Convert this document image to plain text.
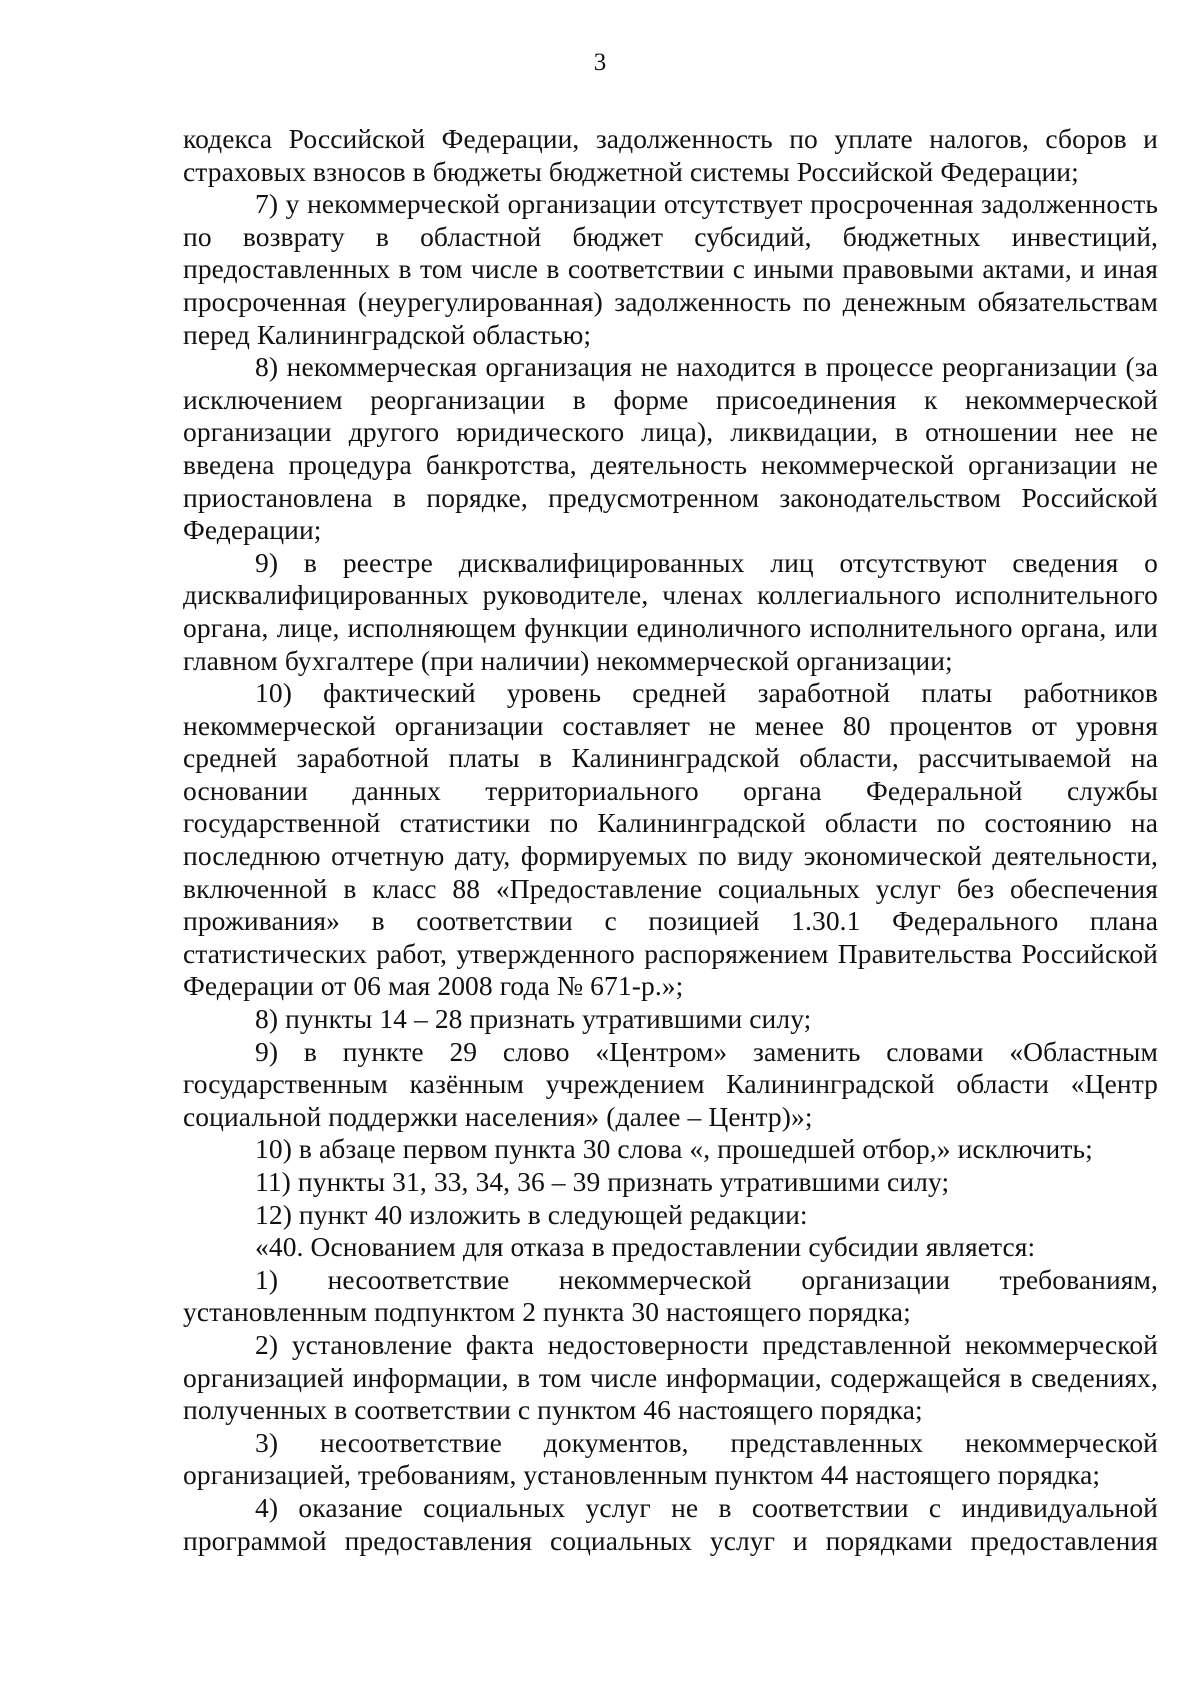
3

кодекса Российской Федерации, задолженность по уплате налогов, сборов и страховых взносов в бюджеты бюджетной системы Российской Федерации;

7) у некоммерческой организации отсутствует просроченная задолженность по возврату в областной бюджет субсидий, бюджетных инвестиций, предоставленных в том числе в соответствии с иными правовыми актами, и иная просроченная (неурегулированная) задолженность по денежным обязательствам перед Калининградской областью;

8) некоммерческая организация не находится в процессе реорганизации (за исключением реорганизации в форме присоединения к некоммерческой организации другого юридического лица), ликвидации, в отношении нее не введена процедура банкротства, деятельность некоммерческой организации не приостановлена в порядке, предусмотренном законодательством Российской Федерации;

9) в реестре дисквалифицированных лиц отсутствуют сведения о дисквалифицированных руководителе, членах коллегиального исполнительного органа, лице, исполняющем функции единоличного исполнительного органа, или главном бухгалтере (при наличии) некоммерческой организации;

10) фактический уровень средней заработной платы работников некоммерческой организации составляет не менее 80 процентов от уровня средней заработной платы в Калининградской области, рассчитываемой на основании данных территориального органа Федеральной службы государственной статистики по Калининградской области по состоянию на последнюю отчетную дату, формируемых по виду экономической деятельности, включенной в класс 88 «Предоставление социальных услуг без обеспечения проживания» в соответствии с позицией 1.30.1 Федерального плана статистических работ, утвержденного распоряжением Правительства Российской Федерации от 06 мая 2008 года № 671-р.»;

8) пункты 14 – 28 признать утратившими силу;

9) в пункте 29 слово «Центром» заменить словами «Областным государственным казённым учреждением Калининградской области «Центр социальной поддержки населения» (далее – Центр)»;

10) в абзаце первом пункта 30 слова «, прошедшей отбор,» исключить;

11) пункты 31, 33, 34, 36 – 39 признать утратившими силу;

12) пункт 40 изложить в следующей редакции:

«40. Основанием для отказа в предоставлении субсидии является:

1) несоответствие некоммерческой организации требованиям, установленным подпунктом 2 пункта 30 настоящего порядка;

2) установление факта недостоверности представленной некоммерческой организацией информации, в том числе информации, содержащейся в сведениях, полученных в соответствии с пунктом 46 настоящего порядка;

3) несоответствие документов, представленных некоммерческой организацией, требованиям, установленным пунктом 44 настоящего порядка;

4) оказание социальных услуг не в соответствии с индивидуальной программой предоставления социальных услуг и порядками предоставления
